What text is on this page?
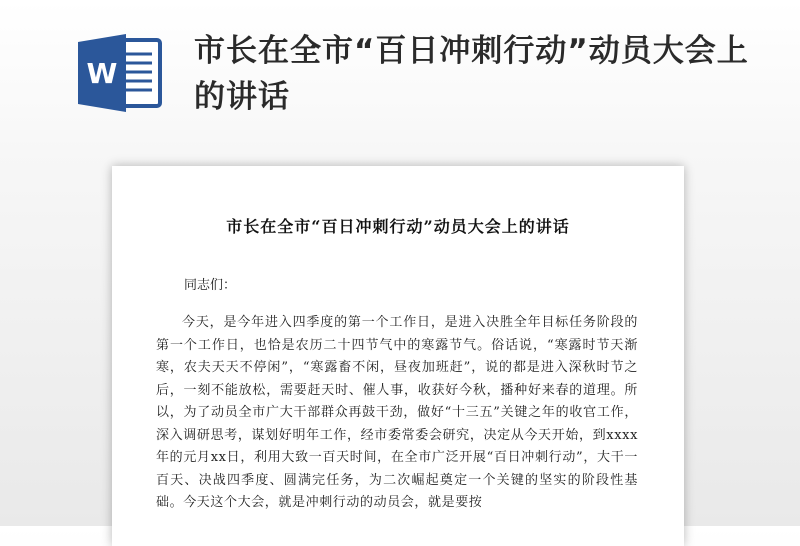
W
市长在全市“百日冲刺行动”动员大会上的讲话
市长在全市“百日冲刺行动”动员大会上的讲话
同志们：
今天，是今年进入四季度的第一个工作日，是进入决胜全年目标任务阶段的第一个工作日，也恰是农历二十四节气中的寒露节气。俗话说，“寒露时节天渐寒，农夫天天不停闲”，“寒露畜不闲，昼夜加班赶”，说的都是进入深秋时节之后，一刻不能放松，需要赶天时、催人事，收获好今秋，播种好来春的道理。所以，为了动员全市广大干部群众再鼓干劲，做好“十三五”关键之年的收官工作，深入调研思考，谋划好明年工作，经市委常委会研究，决定从今天开始，到xxxx年的元月xx日，利用大致一百天时间，在全市广泛开展“百日冲刺行动”，大干一百天、决战四季度、圆满完任务，为二次崛起奠定一个关键的坚实的阶段性基础。今天这个大会，就是冲刺行动的动员会，就是要按
